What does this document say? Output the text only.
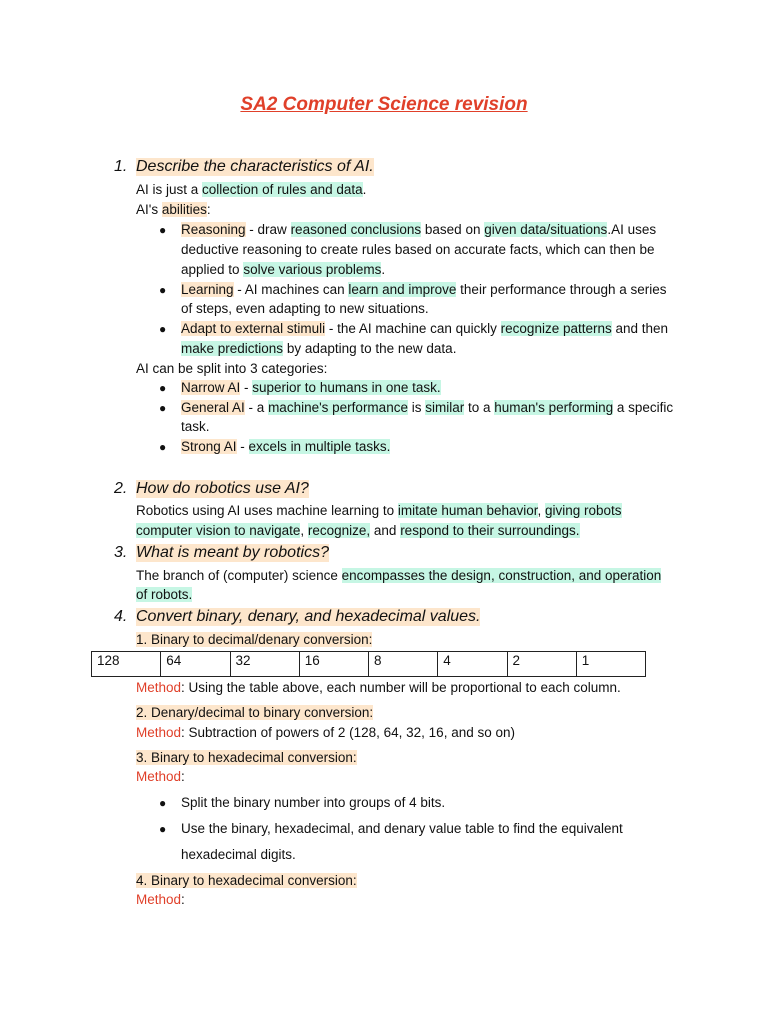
SA2 Computer Science revision
1. Describe the characteristics of AI.
AI is just a collection of rules and data.
AI's abilities:
● Reasoning - draw reasoned conclusions based on given data/situations.AI uses
deductive reasoning to create rules based on accurate facts, which can then be
applied to solve various problems.
● Learning - AI machines can learn and improve their performance through a series
of steps, even adapting to new situations.
● Adapt to external stimuli - the AI machine can quickly recognize patterns and then
make predictions by adapting to the new data.
AI can be split into 3 categories:
● Narrow AI - superior to humans in one task.
● General AI - a machine's performance is similar to a human's performing a specific
task.
● Strong AI - excels in multiple tasks.
2. How do robotics use AI?
Robotics using AI uses machine learning to imitate human behavior, giving robots
computer vision to navigate, recognize, and respond to their surroundings.
3. What is meant by robotics?
The branch of (computer) science encompasses the design, construction, and operation
of robots.
4. Convert binary, denary, and hexadecimal values.
1. Binary to decimal/denary conversion:
128	64	32	16	8	4	2	1
Method: Using the table above, each number will be proportional to each column.
2. Denary/decimal to binary conversion:
Method: Subtraction of powers of 2 (128, 64, 32, 16, and so on)
3. Binary to hexadecimal conversion:
Method:
● Split the binary number into groups of 4 bits.
● Use the binary, hexadecimal, and denary value table to find the equivalent
hexadecimal digits.
4. Binary to hexadecimal conversion:
Method:
